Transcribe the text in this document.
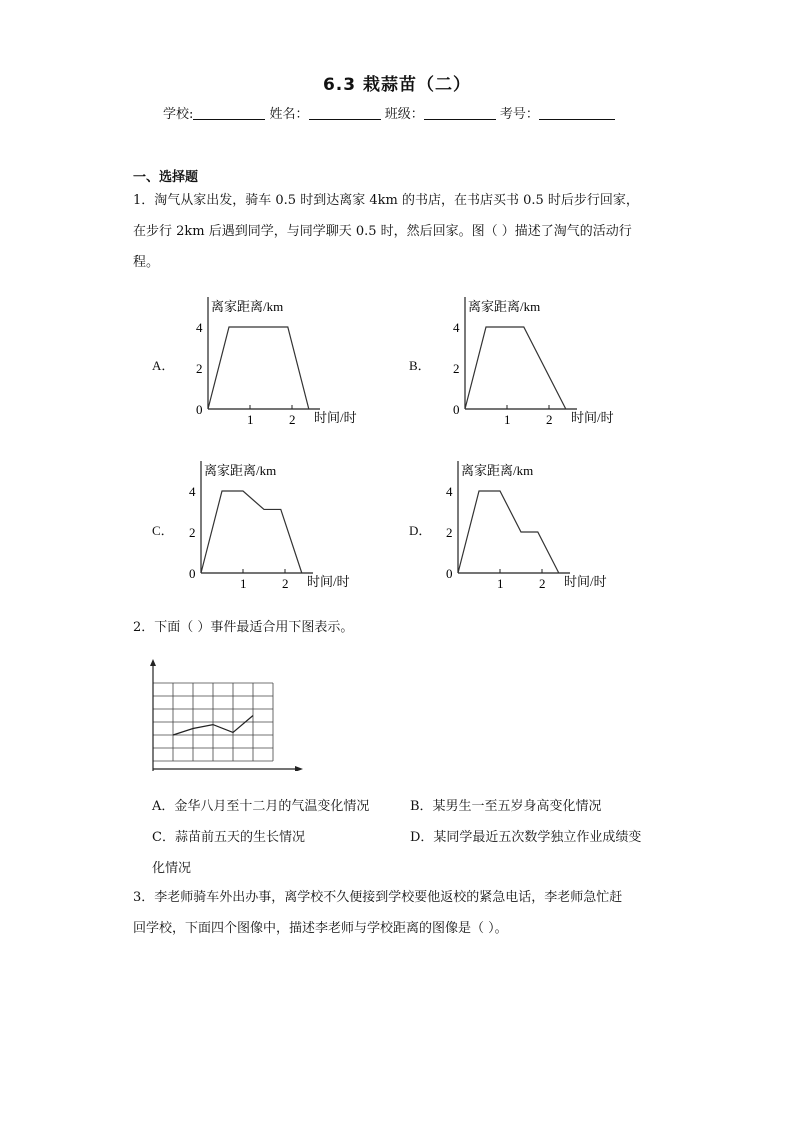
6.3 栽蒜苗（二）
学校:	姓名：	班级：	考号：
一、选择题
1．淘气从家出发，骑车 0.5 时到达离家 4km 的书店，在书店买书 0.5 时后步行回家，
在步行 2km 后遇到同学，与同学聊天 0.5 时，然后回家。图（ ）描述了淘气的活动行
程。
A．	B．
C．	D．
离家距离/km
时间/时
4
2
0
1	2
离家距离/km
时间/时
4
2
0
1	2
离家距离/km
时间/时
4
2
0
1	2
离家距离/km
时间/时
4
2
0
1	2
2．下面（ ）事件最适合用下图表示。
A．金华八月至十二月的气温变化情况	B．某男生一至五岁身高变化情况
C．蒜苗前五天的生长情况	D．某同学最近五次数学独立作业成绩变
化情况
3．李老师骑车外出办事，离学校不久便接到学校要他返校的紧急电话，李老师急忙赶
回学校，下面四个图像中，描述李老师与学校距离的图像是（ ）。
